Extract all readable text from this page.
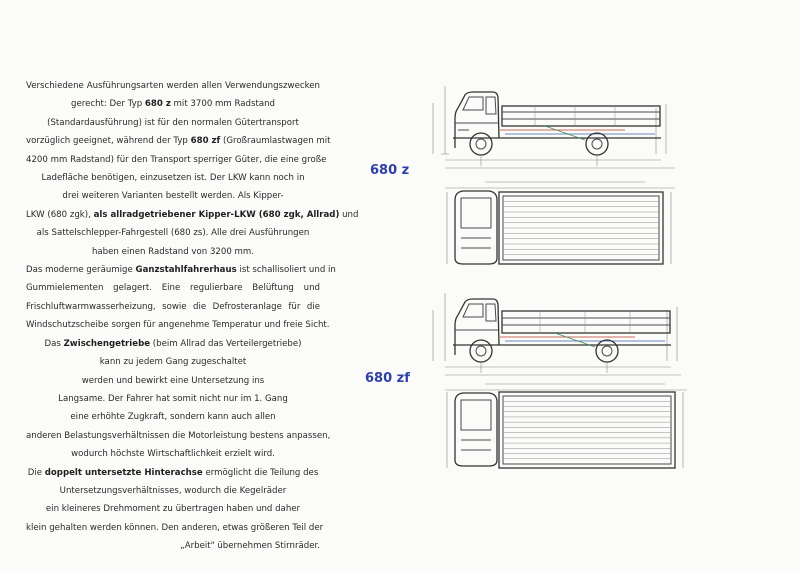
Verschiedene Ausführungsarten werden allen Verwendungszwecken
gerecht: Der Typ 680 z mit 3700 mm Radstand
(Standardausführung) ist für den normalen Gütertransport
vorzüglich geeignet, während der Typ 680 zf (Großraumlastwagen mit
4200 mm Radstand) für den Transport sperriger Güter, die eine große
Ladefläche benötigen, einzusetzen ist. Der LKW kann noch in
drei weiteren Varianten bestellt werden. Als Kipper-
LKW (680 zgk), als allradgetriebener Kipper-LKW (680 zgk, Allrad) und
als Sattelschlepper-Fahrgestell (680 zs). Alle drei Ausführungen
haben einen Radstand von 3200 mm.
Das moderne geräumige Ganzstahlfahrerhaus ist schallisoliert und in
Gummielementen gelagert. Eine regulierbare Belüftung und
Frischluftwarmwasserheizung, sowie die Defrosteranlage für die
Windschutzscheibe sorgen für angenehme Temperatur und freie Sicht.
Das Zwischengetriebe (beim Allrad das Verteilergetriebe)
kann zu jedem Gang zugeschaltet
werden und bewirkt eine Untersetzung ins
Langsame. Der Fahrer hat somit nicht nur im 1. Gang
eine erhöhte Zugkraft, sondern kann auch allen
anderen Belastungsverhältnissen die Motorleistung bestens anpassen,
wodurch höchste Wirtschaftlichkeit erzielt wird.
Die doppelt untersetzte Hinterachse ermöglicht die Teilung des
Untersetzungsverhältnisses, wodurch die Kegelräder
ein kleineres Drehmoment zu übertragen haben und daher
klein gehalten werden können. Den anderen, etwas größeren Teil der
„Arbeit" übernehmen Stirnräder.
680 z
680 zf
